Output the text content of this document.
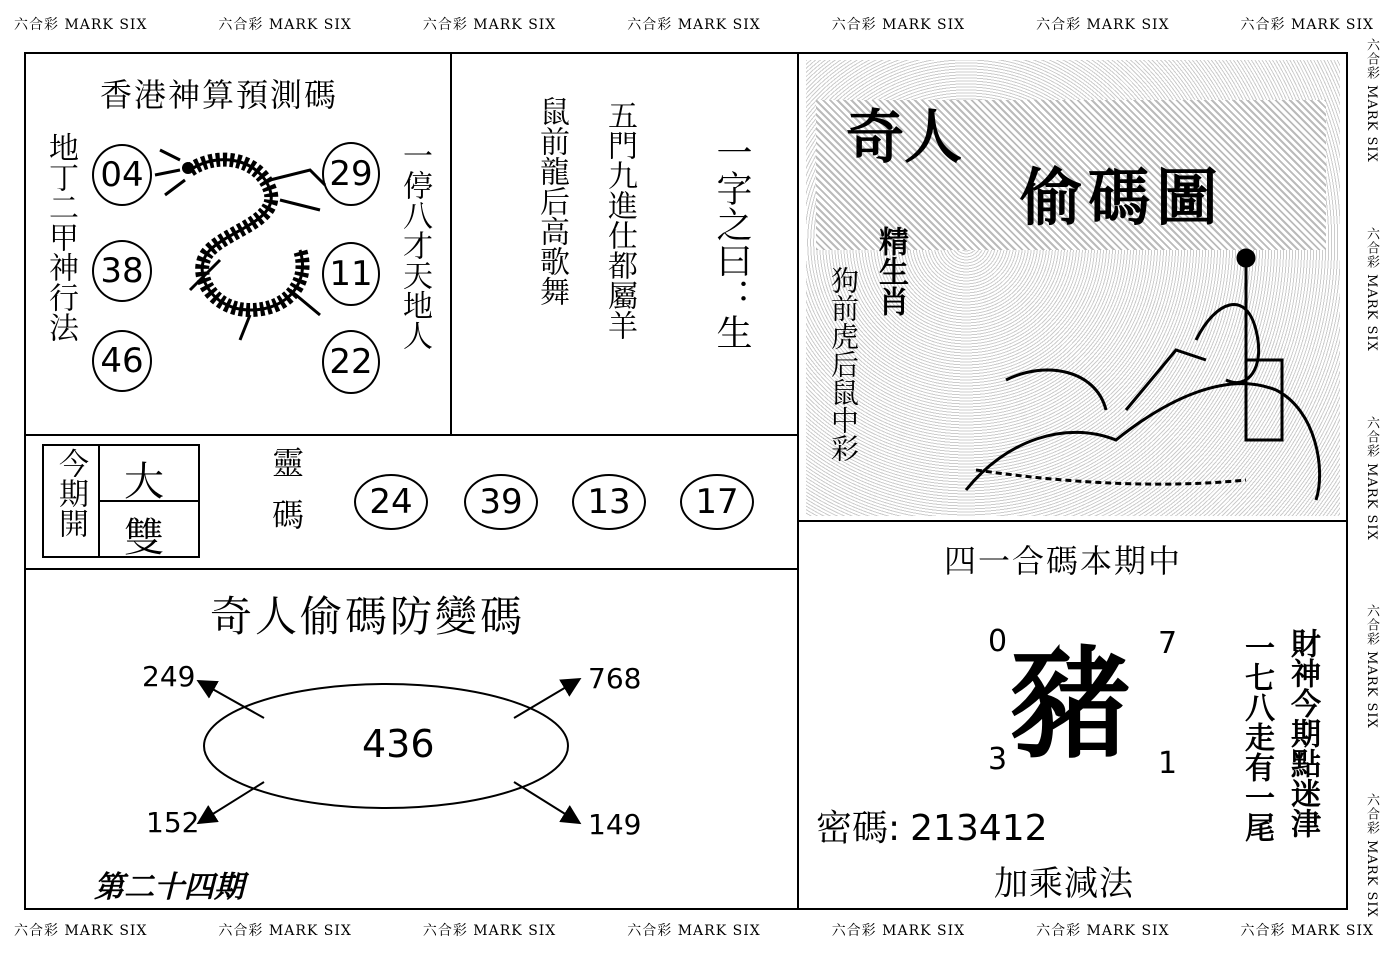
六合彩 MARK SIX	六合彩 MARK SIX	六合彩 MARK SIX	六合彩 MARK SIX	六合彩 MARK SIX	六合彩 MARK SIX	六合彩 MARK SIX
六合彩 MARK SIX	六合彩 MARK SIX	六合彩 MARK SIX	六合彩 MARK SIX	六合彩 MARK SIX	六合彩 MARK SIX	六合彩 MARK SIX
六合彩 MARK SIX
六合彩 MARK SIX
六合彩 MARK SIX
六合彩 MARK SIX
六合彩 MARK SIX
香港神算預測碼
地丁二甲神行法	一停八才天地人
04
38
46
29
11
22
鼠前龍后高歌舞 五門九進仕都屬羊 一字之曰：生 奇人
偷碼圖
精生肖
狗前虎后鼠中彩
今期開 大
雙	靈碼	24	39	13	17
奇人偷碼防變碼
436
249	768
152	149
第二十四期
四一合碼本期中
豬
0	7
3	1
密碼: 213412
加乘減法
財神今期點迷津
一七八走有一尾
